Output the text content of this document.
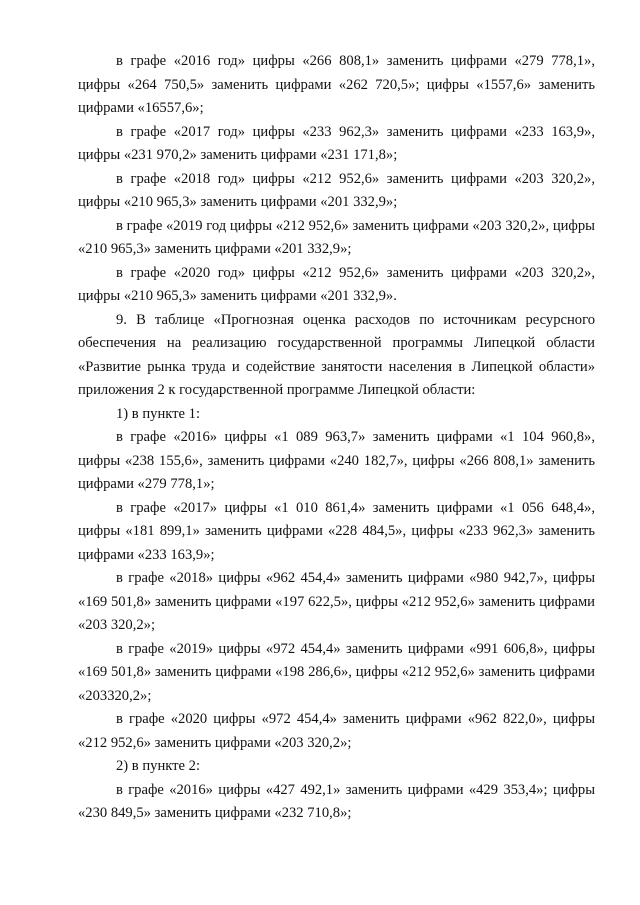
в графе «2016 год» цифры «266 808,1» заменить цифрами «279 778,1», цифры «264 750,5» заменить цифрами «262 720,5»; цифры «1557,6» заменить цифрами «16557,6»;

в графе «2017 год» цифры «233 962,3» заменить цифрами «233 163,9», цифры «231 970,2» заменить цифрами «231 171,8»;

в графе «2018 год» цифры «212 952,6» заменить цифрами «203 320,2», цифры «210 965,3» заменить цифрами «201 332,9»;

в графе «2019 год цифры «212 952,6» заменить цифрами «203 320,2», цифры «210 965,3» заменить цифрами «201 332,9»;

в графе «2020 год» цифры «212 952,6» заменить цифрами «203 320,2», цифры «210 965,3» заменить цифрами «201 332,9».

9. В таблице «Прогнозная оценка расходов по источникам ресурсного обеспечения на реализацию государственной программы Липецкой области «Развитие рынка труда и содействие занятости населения в Липецкой области» приложения 2 к государственной программе Липецкой области:

1) в пункте 1:

в графе «2016» цифры «1 089 963,7» заменить цифрами «1 104 960,8», цифры «238 155,6», заменить цифрами «240 182,7», цифры «266 808,1» заменить цифрами «279 778,1»;

в графе «2017» цифры «1 010 861,4» заменить цифрами «1 056 648,4», цифры «181 899,1» заменить цифрами «228 484,5», цифры «233 962,3» заменить цифрами «233 163,9»;

в графе «2018» цифры «962 454,4» заменить цифрами «980 942,7», цифры «169 501,8» заменить цифрами «197 622,5», цифры «212 952,6» заменить цифрами «203 320,2»;

в графе «2019» цифры «972 454,4» заменить цифрами «991 606,8», цифры «169 501,8» заменить цифрами «198 286,6», цифры «212 952,6» заменить цифрами «203320,2»;

в графе «2020 цифры «972 454,4» заменить цифрами «962 822,0», цифры «212 952,6» заменить цифрами «203 320,2»;

2) в пункте 2:

в графе «2016» цифры «427 492,1» заменить цифрами «429 353,4»; цифры «230 849,5» заменить цифрами «232 710,8»;
